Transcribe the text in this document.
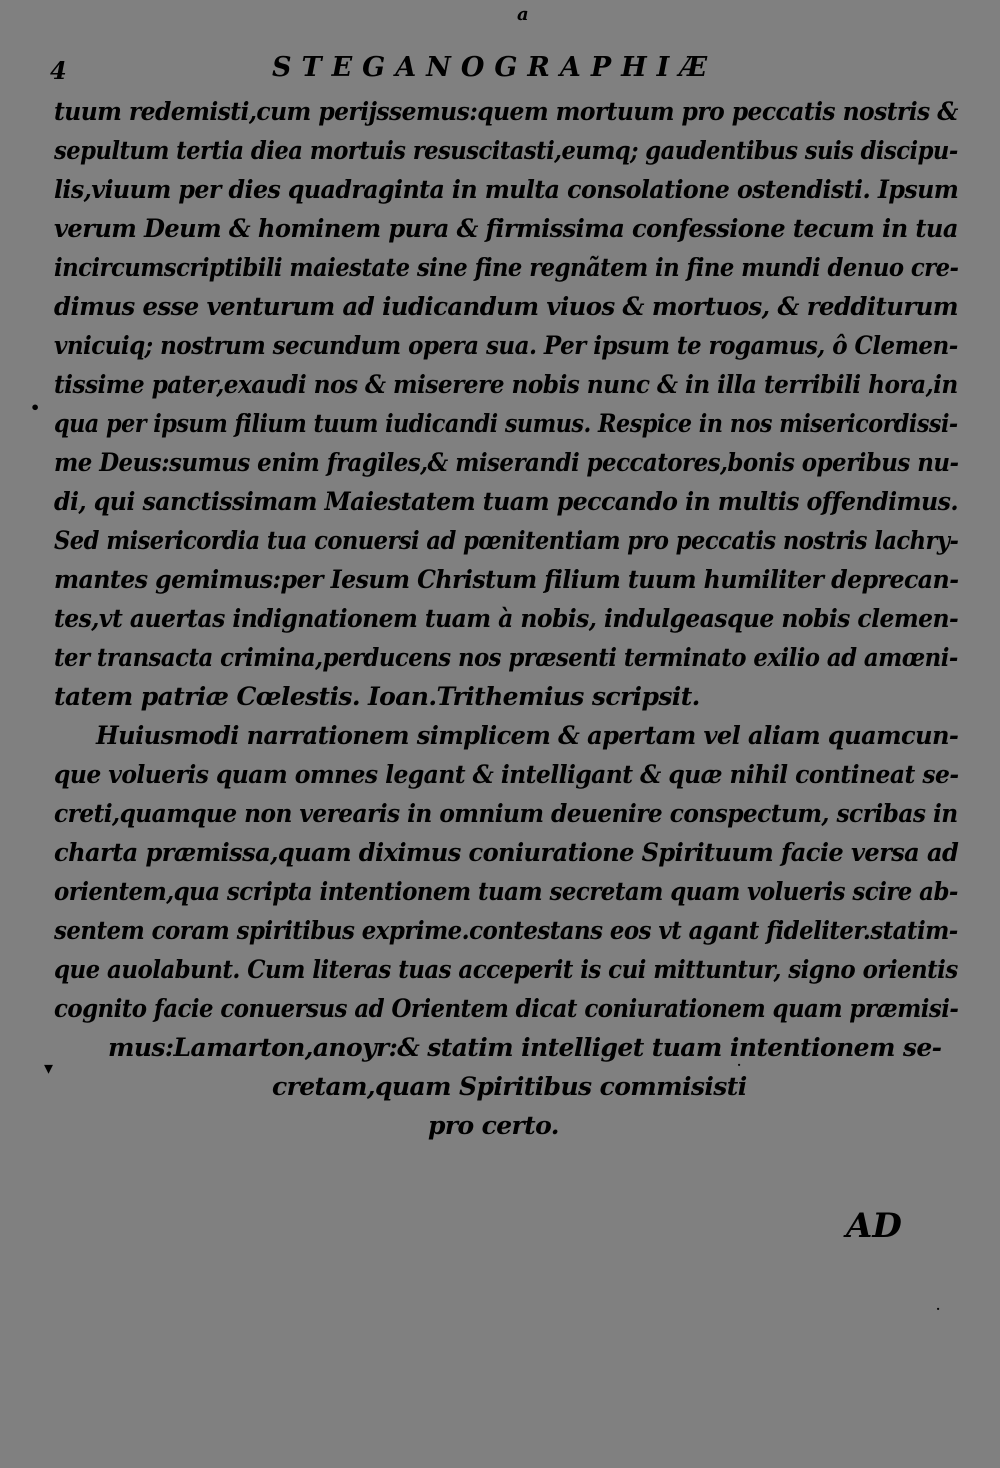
a
4	STEGANOGRAPHIÆ
tuum redemisti,cum perijssemus:quem mortuum pro peccatis nostris &
sepultum tertia diea mortuis resuscitasti,eumq; gaudentibus suis discipu-
lis,viuum per dies quadraginta in multa consolatione ostendisti. Ipsum
verum Deum & hominem pura & firmissima confessione tecum in tua
incircumscriptibili maiestate sine fine regnãtem in fine mundi denuo cre-
dimus esse venturum ad iudicandum viuos & mortuos, & redditurum
vnicuiq; nostrum secundum opera sua. Per ipsum te rogamus, ô Clemen-
tissime pater,exaudi nos & miserere nobis nunc & in illa terribili hora,in
qua per ipsum filium tuum iudicandi sumus. Respice in nos misericordissi-
me Deus:sumus enim fragiles,& miserandi peccatores,bonis operibus nu-
di, qui sanctissimam Maiestatem tuam peccando in multis offendimus.
Sed misericordia tua conuersi ad pœnitentiam pro peccatis nostris lachry-
mantes gemimus:per Iesum Christum filium tuum humiliter deprecan-
tes,vt auertas indignationem tuam à nobis, indulgeasque nobis clemen-
ter transacta crimina,perducens nos præsenti terminato exilio ad amœni-
tatem patriæ Cœlestis. Ioan.Trithemius scripsit.
Huiusmodi narrationem simplicem & apertam vel aliam quamcun-
que volueris quam omnes legant & intelligant & quæ nihil contineat se-
creti,quamque non verearis in omnium deuenire conspectum, scribas in
charta præmissa,quam diximus coniuratione Spirituum facie versa ad
orientem,qua scripta intentionem tuam secretam quam volueris scire ab-
sentem coram spiritibus exprime.contestans eos vt agant fideliter.statim-
que auolabunt. Cum literas tuas acceperit is cui mittuntur, signo orientis
cognito facie conuersus ad Orientem dicat coniurationem quam præmisi-
mus:Lamarton,anoyr:& statim intelliget tuam intentionem se-
cretam,quam Spiritibus commisisti
pro certo.
•
▾	·
·
AD
